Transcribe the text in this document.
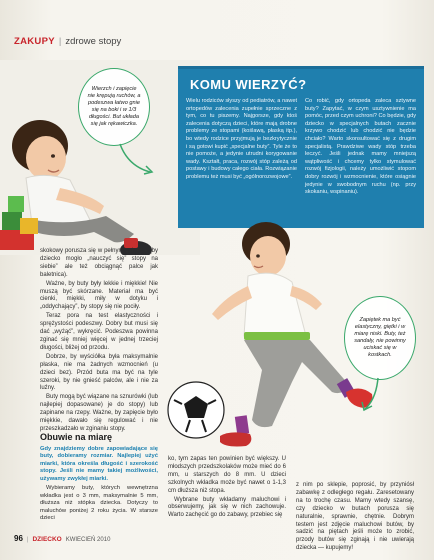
ZAKUPY | zdrowe stopy
Wierzch i zapięcie nie krępują ruchów, a podeszwa łatwo gnie się na boki i w 1/3 długości. But układa się jak rękawiczka.
KOMU WIERZYĆ?
Wielu rodziców słyszy od pediatrów, a nawet ortopedów zalecenia zupełnie sprzeczne z tym, co tu piszemy. Najgorsze, gdy ktoś zalecenia dotyczą dzieci, które mają drobne problemy ze stopami (koślawą, płaską itp.), bo wtedy rodzice przyjmują je bezkrytycznie i są gotowi kupić „specjalne buty”. Tyle że to nie pomoże, a jedynie utrudni korygowanie wady. Kształt, praca, rozwój stóp zależą od postawy i budowy całego ciała. Rozwiązanie problemu też musi być „ogólnorozwojowe”.
Co robić, gdy ortopeda zaleca sztywne buty? Zapytać, w czym usztywnienie ma pomóc, przed czym uchroni? Co będzie, gdy dziecko w specjalnych butach zacznie krzywo chodzić lub chodzić nie będzie chciało? Warto skonsultować się z drugim specjalistą. Prawdziwe wady stóp trzeba leczyć. Jeśli jednak mamy mniejszą wątpliwość i chcemy tylko stymulować rozwój fizjologii, należy umożliwić stopom dobry rozwój i wzmocnienie, które osiągnie jedynie w swobodnym ruchu (np. przy skokaniu, wspinaniu).
Zapiętek ma być elastyczny, giętki i w miarę niski. Buty, też sandały, nie powinny uciskać się w kostkach.

skokowy porusza się w pełnym zakresie (by dziecko mogło „nauczyć się” stopy na siebie” ale też obciągnąć palce jak baletnica).

Ważne, by buty były lekkie i miękkie! Nie muszą być skórzane. Materiał ma być cienki, miękki, miły w dotyku i „oddychający”, by stopy się nie pociły.

Teraz pora na test elastyczności i sprężystości podeszwy. Dobry but musi się dać „wyżąć”, wykręcić. Podeszwa powinna zginać się mniej więcej w jednej trzeciej długości, bliżej od przodu.

Dobrze, by wyściółka była maksymalnie płaska, nie ma żadnych wzmocnień (u dzieci bez). Przód buta ma być na tyle szeroki, by nie gnieść palców, ale i nie za luźny.

Buty mogą być wiązane na sznurówki (lub najlepiej dopasowane) je do stopy) lub zapinane na rzepy. Ważne, by zapięcie było miękkie, dawało się regulować i nie przeszkadzało w zginaniu stopy.

Obuwie na miarę

Gdy znajdziemy dobre zapowiadające się buty, dobieramy rozmiar. Najlepiej użyć miarki, która określa długość i szerokość stopy. Jeśli nie mamy takiej możliwości, używamy zwykłej miarki.

Wybieramy buty, których wewnętrzna wkładka jest o 3 mm, maksymalnie 5 mm, dłuższa niż stópka dziecka. Dotyczy to maluchów poniżej 2 roku życia. W starsze dzieci

ko, tym zapas ten powinien być większy. U młodszych przedszkolaków może mieć do 6 mm, u starszych do 8 mm. U dzieci szkolnych wkładka może być nawet o 1-1,3 cm dłuższa niż stopa.

Wybrane buty wkładamy maluchowi i obserwujemy, jak się w nich zachowuje. Warto zachęcić go do zabawy, przebiec się

z nim po sklepie, poprosić, by przyniósł zabawkę z odległego regału. Zaresetowany na to trochę czasu. Mamy wtedy szansę, czy dziecko w butach porusza się naturalnie, sprawnie, chętnie. Dobrym testem jest zdjęcie maluchowi butów, by sadzić na piętach jeśli może to zrobić, przody butów się zginają i nie uwierają dziecka — kupujemy!

96 | DZIECKO KWIECIEŃ 2010
